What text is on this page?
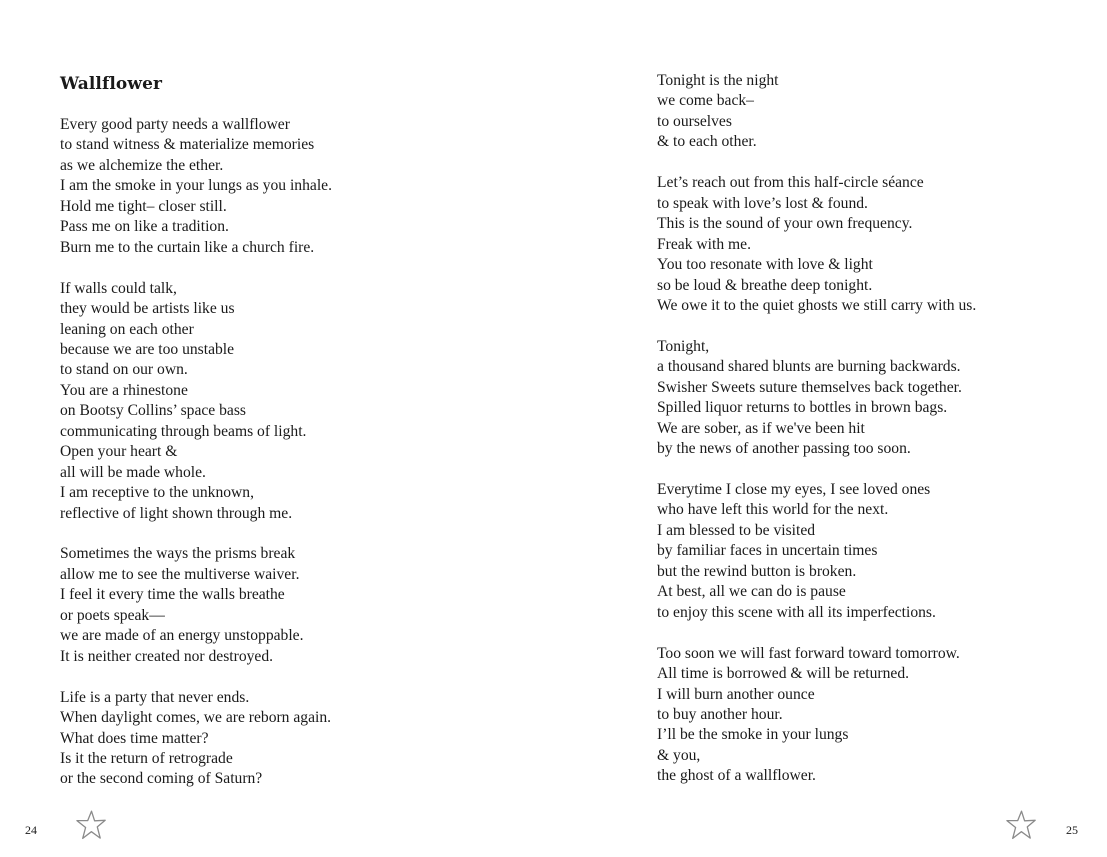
Wallflower

Every good party needs a wallflower
to stand witness & materialize memories
as we alchemize the ether.
I am the smoke in your lungs as you inhale.
Hold me tight– closer still.
Pass me on like a tradition.
Burn me to the curtain like a church fire.

If walls could talk,
they would be artists like us
leaning on each other
because we are too unstable
to stand on our own.
You are a rhinestone
on Bootsy Collins’ space bass
communicating through beams of light.
Open your heart &
all will be made whole.
I am receptive to the unknown,
reflective of light shown through me.

Sometimes the ways the prisms break
allow me to see the multiverse waiver.
I feel it every time the walls breathe
or poets speak—
we are made of an energy unstoppable.
It is neither created nor destroyed.

Life is a party that never ends.
When daylight comes, we are reborn again.
What does time matter?
Is it the return of retrograde
or the second coming of Saturn?

24

Tonight is the night
we come back–
to ourselves
& to each other.

Let’s reach out from this half-circle séance
to speak with love’s lost & found.
This is the sound of your own frequency.
Freak with me.
You too resonate with love & light
so be loud & breathe deep tonight.
We owe it to the quiet ghosts we still carry with us.

Tonight,
a thousand shared blunts are burning backwards.
Swisher Sweets suture themselves back together.
Spilled liquor returns to bottles in brown bags.
We are sober, as if we've been hit
by the news of another passing too soon.

Everytime I close my eyes, I see loved ones
who have left this world for the next.
I am blessed to be visited
by familiar faces in uncertain times
but the rewind button is broken.
At best, all we can do is pause
to enjoy this scene with all its imperfections.

Too soon we will fast forward toward tomorrow.
All time is borrowed & will be returned.
I will burn another ounce
to buy another hour.
I’ll be the smoke in your lungs
& you,
the ghost of a wallflower.

25
